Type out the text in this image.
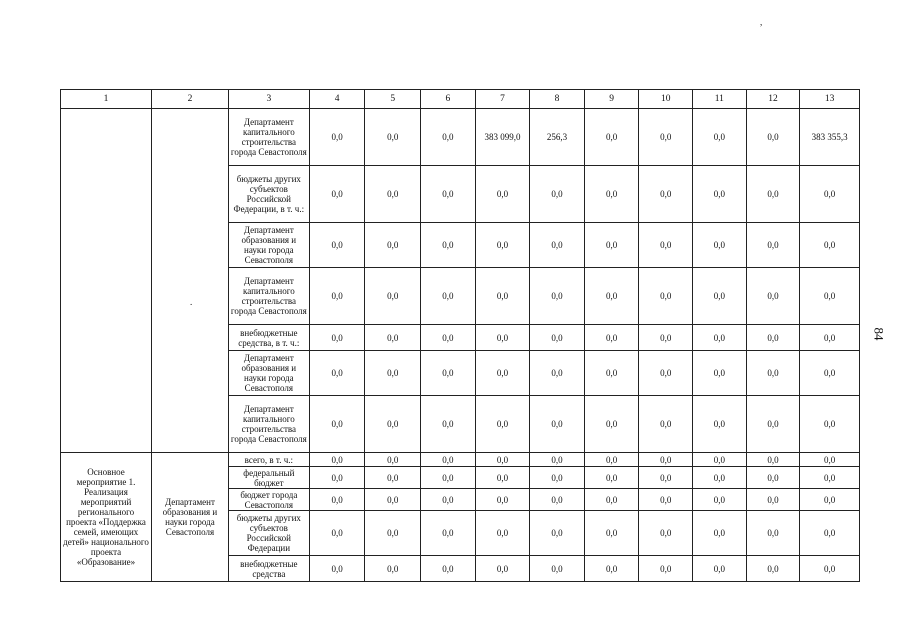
,
.
1	2	3	4	5	6	7	8	9	10	11	12	13
		Департамент капитального строительства города Севастополя	0,0	0,0	0,0	383 099,0	256,3	0,0	0,0	0,0	0,0	383 355,3
		бюджеты других субъектов Российской Федерации, в т. ч.:	0,0	0,0	0,0	0,0	0,0	0,0	0,0	0,0	0,0	0,0
		Департамент образования и науки города Севастополя	0,0	0,0	0,0	0,0	0,0	0,0	0,0	0,0	0,0	0,0
		Департамент капитального строительства города Севастополя	0,0	0,0	0,0	0,0	0,0	0,0	0,0	0,0	0,0	0,0
		внебюджетные средства, в т. ч.:	0,0	0,0	0,0	0,0	0,0	0,0	0,0	0,0	0,0	0,0
		Департамент образования и науки города Севастополя	0,0	0,0	0,0	0,0	0,0	0,0	0,0	0,0	0,0	0,0
		Департамент капитального строительства города Севастополя	0,0	0,0	0,0	0,0	0,0	0,0	0,0	0,0	0,0	0,0
Основное мероприятие 1. Реализация мероприятий регионального проекта «Поддержка семей, имеющих детей» национального проекта «Образование»	Департамент образования и науки города Севастополя	всего, в т. ч.:	0,0	0,0	0,0	0,0	0,0	0,0	0,0	0,0	0,0	0,0
		федеральный бюджет	0,0	0,0	0,0	0,0	0,0	0,0	0,0	0,0	0,0	0,0
		бюджет города Севастополя	0,0	0,0	0,0	0,0	0,0	0,0	0,0	0,0	0,0	0,0
		бюджеты других субъектов Российской Федерации	0,0	0,0	0,0	0,0	0,0	0,0	0,0	0,0	0,0	0,0
		внебюджетные средства	0,0	0,0	0,0	0,0	0,0	0,0	0,0	0,0	0,0	0,0
84
